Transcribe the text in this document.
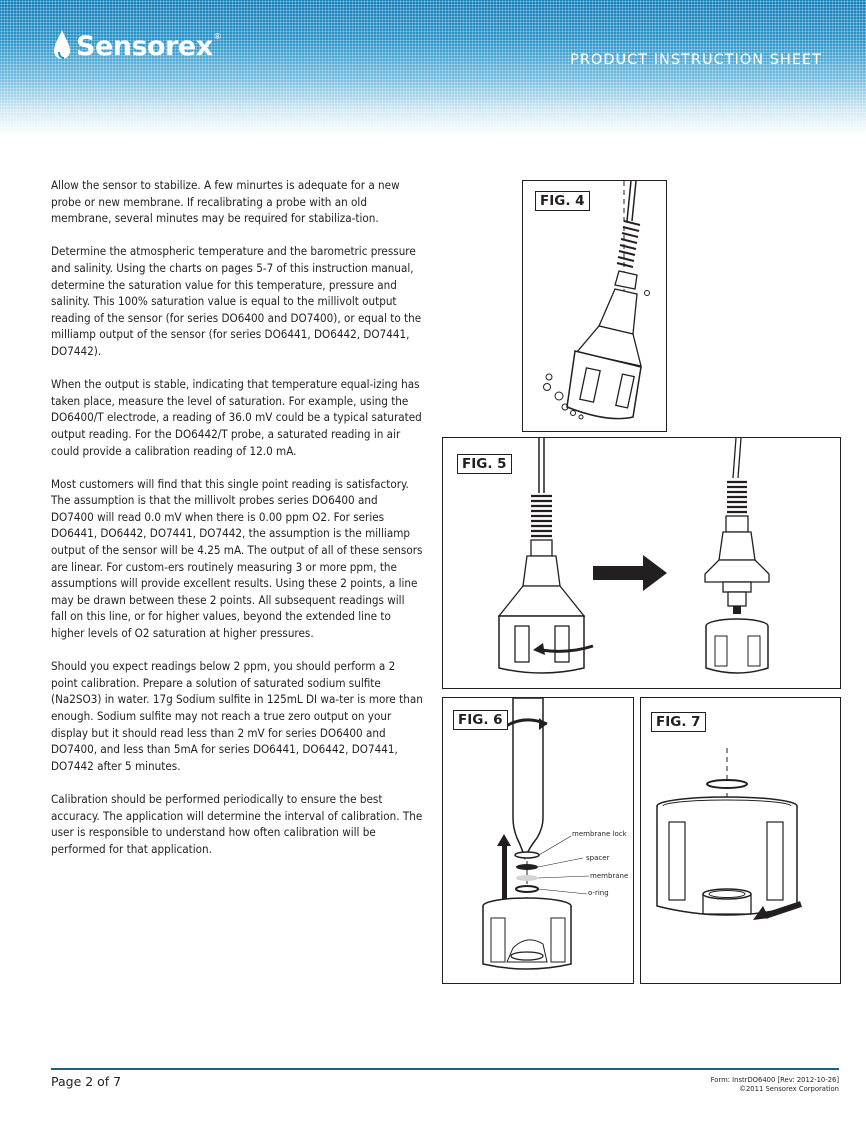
Sensorex ®
PRODUCT INSTRUCTION SHEET

Allow the sensor to stabilize. A few minurtes is adequate for a new probe or new membrane. If recalibrating a probe with an old membrane, several minutes may be required for stabiliza-tion.

Determine the atmospheric temperature and the barometric pressure and salinity. Using the charts on pages 5-7 of this instruction manual, determine the saturation value for this temperature, pressure and salinity. This 100% saturation value is equal to the millivolt output reading of the sensor (for series DO6400 and DO7400), or equal to the milliamp output of the sensor (for series DO6441, DO6442, DO7441, DO7442).

When the output is stable, indicating that temperature equal-izing has taken place, measure the level of saturation. For example, using the DO6400/T electrode, a reading of 36.0 mV could be a typical saturated output reading. For the DO6442/T probe, a saturated reading in air could provide a calibration reading of 12.0 mA.

Most customers will find that this single point reading is satisfactory. The assumption is that the millivolt probes series DO6400 and DO7400 will read 0.0 mV when there is 0.00 ppm O2. For series DO6441, DO6442, DO7441, DO7442, the assumption is the milliamp output of the sensor will be 4.25 mA. The output of all of these sensors are linear. For custom-ers routinely measuring 3 or more ppm, the assumptions will provide excellent results. Using these 2 points, a line may be drawn between these 2 points. All subsequent readings will fall on this line, or for higher values, beyond the extended line to higher levels of O2 saturation at higher pressures.

Should you expect readings below 2 ppm, you should perform a 2 point calibration. Prepare a solution of saturated sodium sulfite (Na2SO3) in water. 17g Sodium sulfite in 125mL DI wa-ter is more than enough. Sodium sulfite may not reach a true zero output on your display but it should read less than 2 mV for series DO6400 and DO7400, and less than 5mA for series DO6441, DO6442, DO7441, DO7442 after 5 minutes.

Calibration should be performed periodically to ensure the best accuracy. The application will determine the interval of calibration. The user is responsible to understand how often calibration will be performed for that application.

FIG. 4
FIG. 5
FIG. 6
membrane lock
spacer
membrane
o-ring
FIG. 7
Page 2 of 7	Form: InstrDO6400 [Rev: 2012-10-26]
©2011 Sensorex Corporation
